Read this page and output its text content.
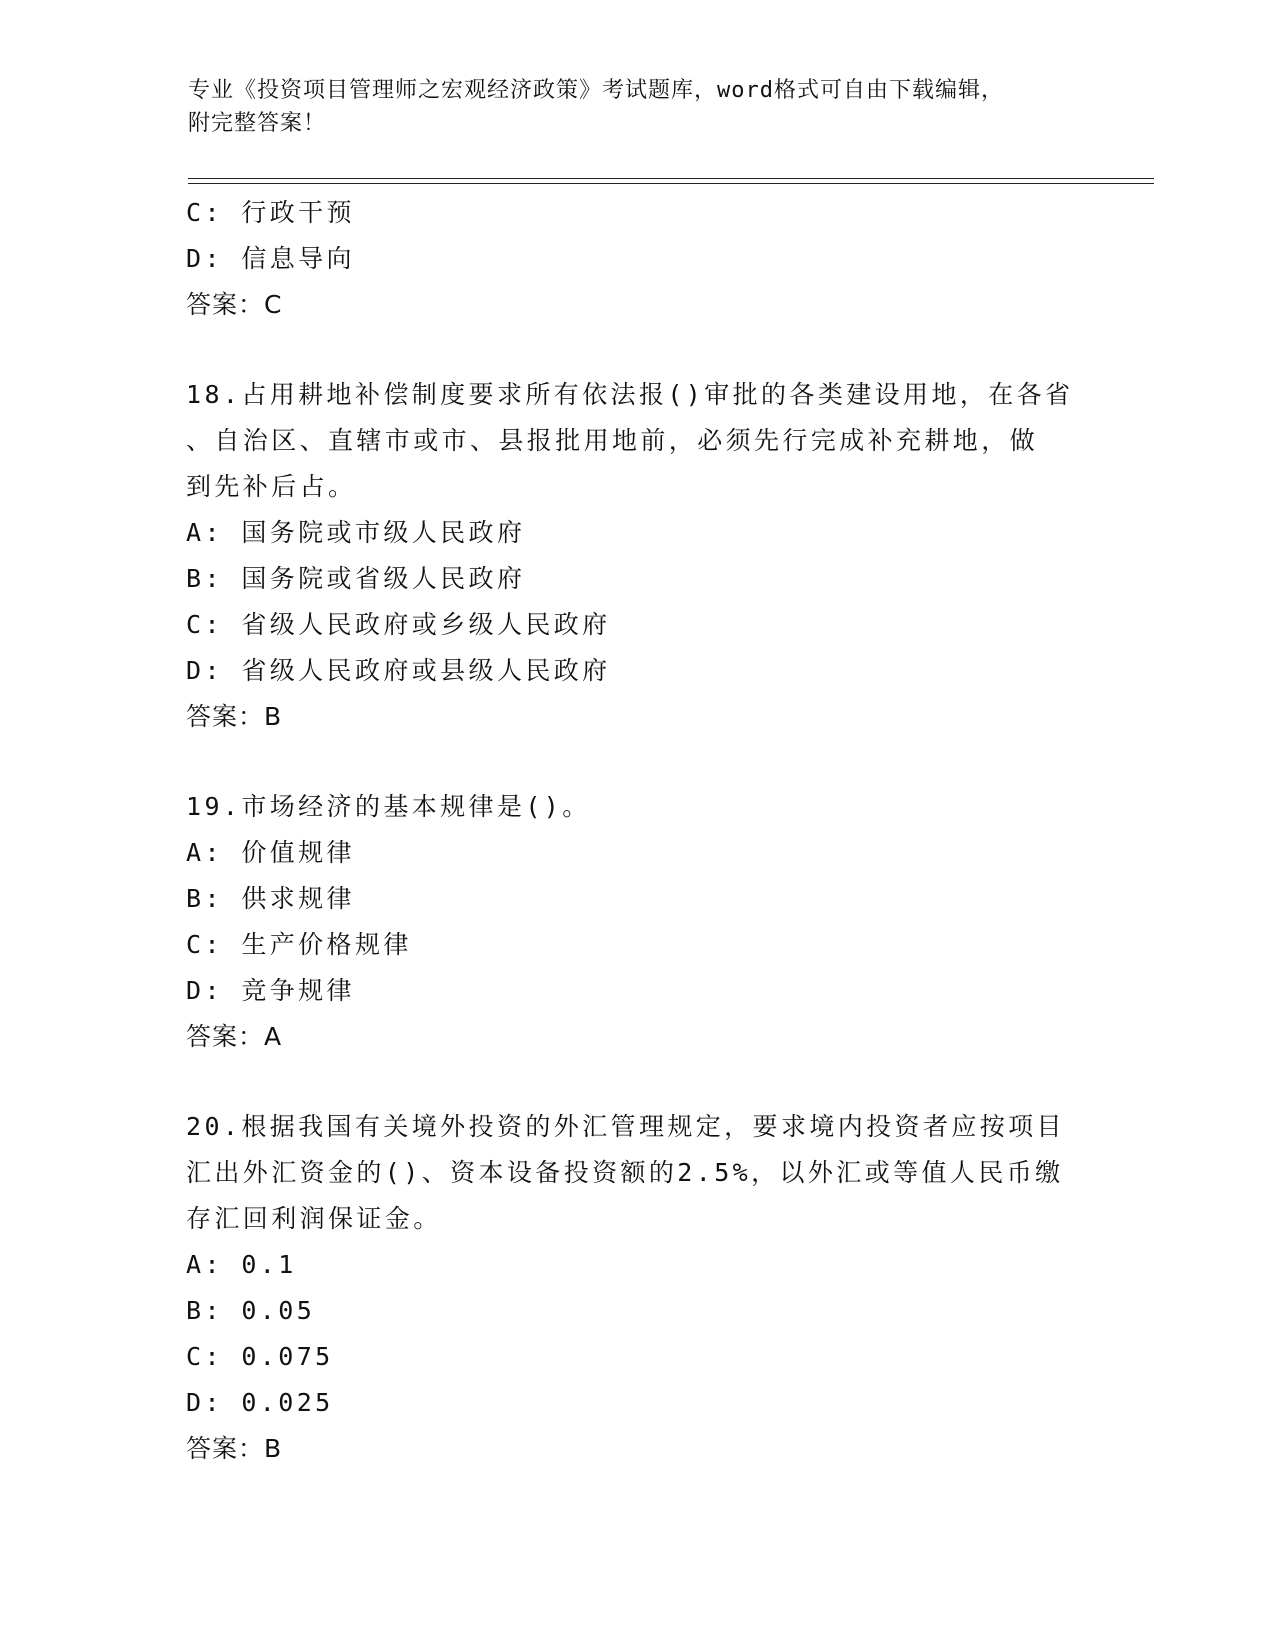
专业《投资项目管理师之宏观经济政策》考试题库，word格式可自由下载编辑，
附完整答案！
C: 行政干预
D: 信息导向
答案：C
18.占用耕地补偿制度要求所有依法报()审批的各类建设用地，在各省
、自治区、直辖市或市、县报批用地前，必须先行完成补充耕地，做
到先补后占。
A: 国务院或市级人民政府
B: 国务院或省级人民政府
C: 省级人民政府或乡级人民政府
D: 省级人民政府或县级人民政府
答案：B
19.市场经济的基本规律是()。
A: 价值规律
B: 供求规律
C: 生产价格规律
D: 竞争规律
答案：A
20.根据我国有关境外投资的外汇管理规定，要求境内投资者应按项目
汇出外汇资金的()、资本设备投资额的2.5%，以外汇或等值人民币缴
存汇回利润保证金。
A: 0.1
B: 0.05
C: 0.075
D: 0.025
答案：B
